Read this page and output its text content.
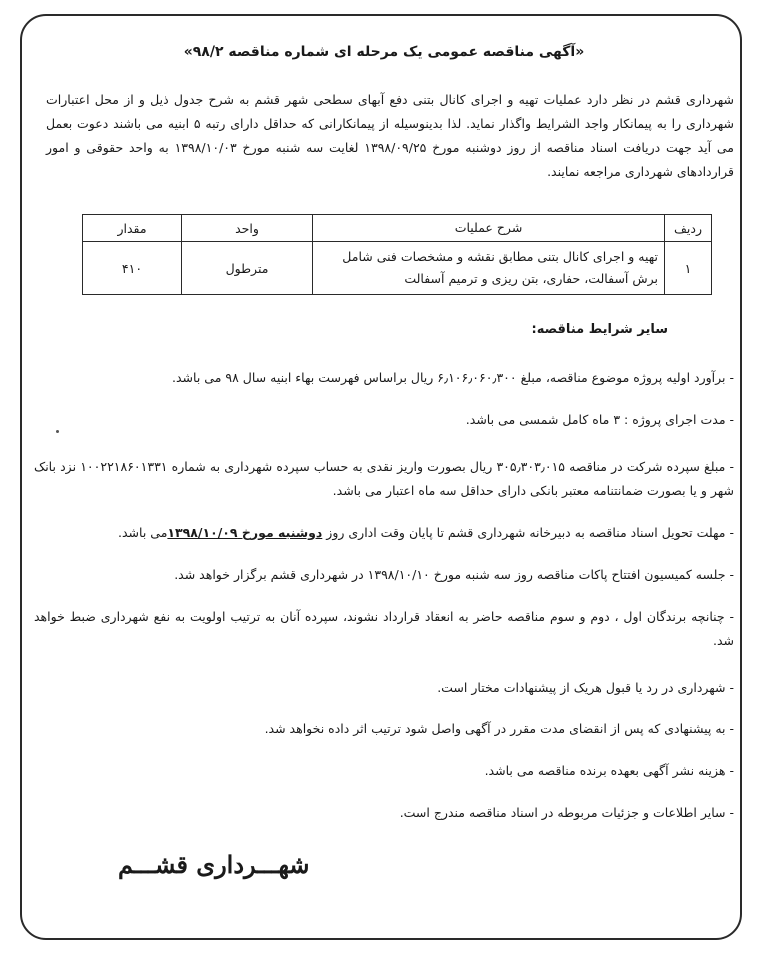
«آگهی مناقصه عمومی یک مرحله ای شماره مناقصه ۹۸/۲»
شهرداری قشم در نظر دارد عملیات تهیه و اجرای کانال بتنی دفع آبهای سطحی شهر قشم به شرح جدول ذیل و از محل اعتبارات شهرداری را به پیمانکار واجد الشرایط واگذار نماید. لذا بدینوسیله از پیمانکارانی که حداقل دارای رتبه ۵ ابنیه می باشند دعوت بعمل می آید جهت دریافت اسناد مناقصه از روز دوشنبه مورخ ۱۳۹۸/۰۹/۲۵ لغایت سه شنبه مورخ ۱۳۹۸/۱۰/۰۳ به واحد حقوقی و امور قراردادهای شهرداری مراجعه نمایند.
ردیف	شرح عملیات	واحد	مقدار
۱	تهیه و اجرای کانال بتنی مطابق نقشه و مشخصات فنی شامل برش آسفالت، حفاری، بتن ریزی و ترمیم آسفالت	مترطول	۴۱۰
سایر شرایط مناقصه:
- برآورد اولیه پروژه موضوع مناقصه، مبلغ ۶٫۱۰۶٫۰۶۰٫۳۰۰ ریال براساس فهرست بهاء ابنیه سال ۹۸ می باشد.
- مدت اجرای پروژه : ۳ ماه کامل شمسی می باشد.
- مبلغ سپرده شرکت در مناقصه ۳۰۵٫۳۰۳٫۰۱۵ ریال بصورت واریز نقدی به حساب سپرده شهرداری به شماره ۱۰۰۲۲۱۸۶۰۱۳۳۱ نزد بانک شهر و یا بصورت ضمانتنامه معتبر بانکی دارای حداقل سه ماه اعتبار می باشد.
- مهلت تحویل اسناد مناقصه به دبیرخانه شهرداری قشم تا پایان وقت اداری روز دوشنبه مورخ ۱۳۹۸/۱۰/۰۹می باشد.
- جلسه کمیسیون افتتاح پاکات مناقصه روز سه شنبه مورخ ۱۳۹۸/۱۰/۱۰ در شهرداری قشم برگزار خواهد شد.
- چنانچه برندگان اول ، دوم و سوم مناقصه حاضر به انعقاد قرارداد نشوند، سپرده آنان به ترتیب اولویت به نفع شهرداری ضبط خواهد شد.
- شهرداری در رد یا قبول هریک از پیشنهادات مختار است.
- به پیشنهادی که پس از انقضای مدت مقرر در آگهی واصل شود ترتیب اثر داده نخواهد شد.
- هزینه نشر آگهی بعهده برنده مناقصه می باشد.
- سایر اطلاعات و جزئیات مربوطه در اسناد مناقصه مندرج است.
شهـــرداری قشـــم
